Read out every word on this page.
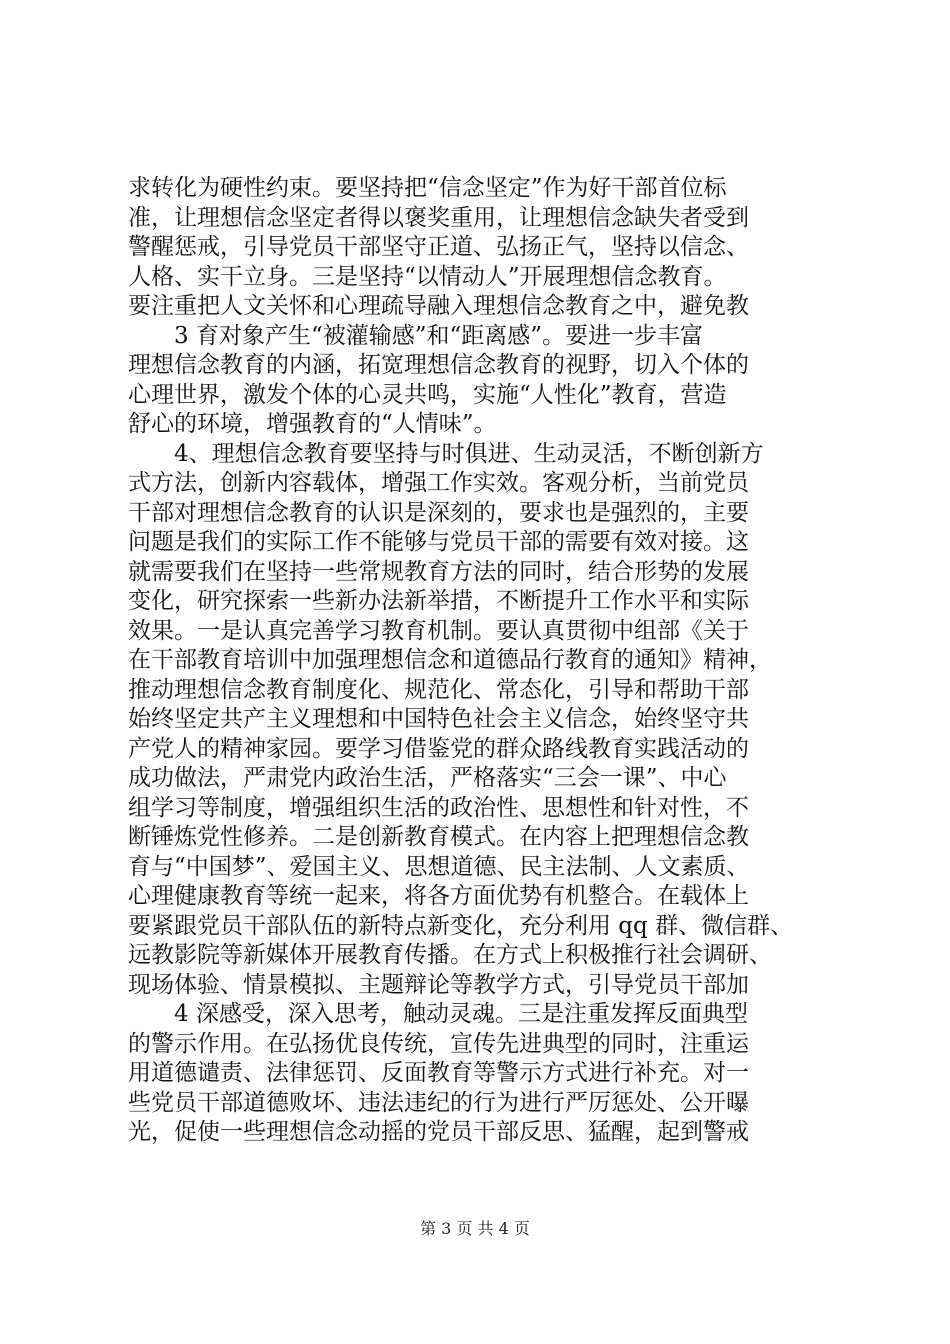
求转化为硬性约束。要坚持把“信念坚定”作为好干部首位标
准，让理想信念坚定者得以褒奖重用，让理想信念缺失者受到
警醒惩戒，引导党员干部坚守正道、弘扬正气，坚持以信念、
人格、实干立身。三是坚持“以情动人”开展理想信念教育。
要注重把人文关怀和心理疏导融入理想信念教育之中，避免教
3 育对象产生“被灌输感”和“距离感”。要进一步丰富
理想信念教育的内涵，拓宽理想信念教育的视野，切入个体的
心理世界，激发个体的心灵共鸣，实施“人性化”教育，营造
舒心的环境，增强教育的“人情味”。
4、理想信念教育要坚持与时俱进、生动灵活，不断创新方
式方法，创新内容载体，增强工作实效。客观分析，当前党员
干部对理想信念教育的认识是深刻的，要求也是强烈的，主要
问题是我们的实际工作不能够与党员干部的需要有效对接。这
就需要我们在坚持一些常规教育方法的同时，结合形势的发展
变化，研究探索一些新办法新举措，不断提升工作水平和实际
效果。一是认真完善学习教育机制。要认真贯彻中组部《关于
在干部教育培训中加强理想信念和道德品行教育的通知》精神，
推动理想信念教育制度化、规范化、常态化，引导和帮助干部
始终坚定共产主义理想和中国特色社会主义信念，始终坚守共
产党人的精神家园。要学习借鉴党的群众路线教育实践活动的
成功做法，严肃党内政治生活，严格落实“三会一课”、中心
组学习等制度，增强组织生活的政治性、思想性和针对性，不
断锤炼党性修养。二是创新教育模式。在内容上把理想信念教
育与“中国梦”、爱国主义、思想道德、民主法制、人文素质、
心理健康教育等统一起来，将各方面优势有机整合。在载体上
要紧跟党员干部队伍的新特点新变化，充分利用 qq 群、微信群、
远教影院等新媒体开展教育传播。在方式上积极推行社会调研、
现场体验、情景模拟、主题辩论等教学方式，引导党员干部加
4 深感受，深入思考，触动灵魂。三是注重发挥反面典型
的警示作用。在弘扬优良传统，宣传先进典型的同时，注重运
用道德谴责、法律惩罚、反面教育等警示方式进行补充。对一
些党员干部道德败坏、违法违纪的行为进行严厉惩处、公开曝
光，促使一些理想信念动摇的党员干部反思、猛醒，起到警戒
第 3 页 共 4 页
